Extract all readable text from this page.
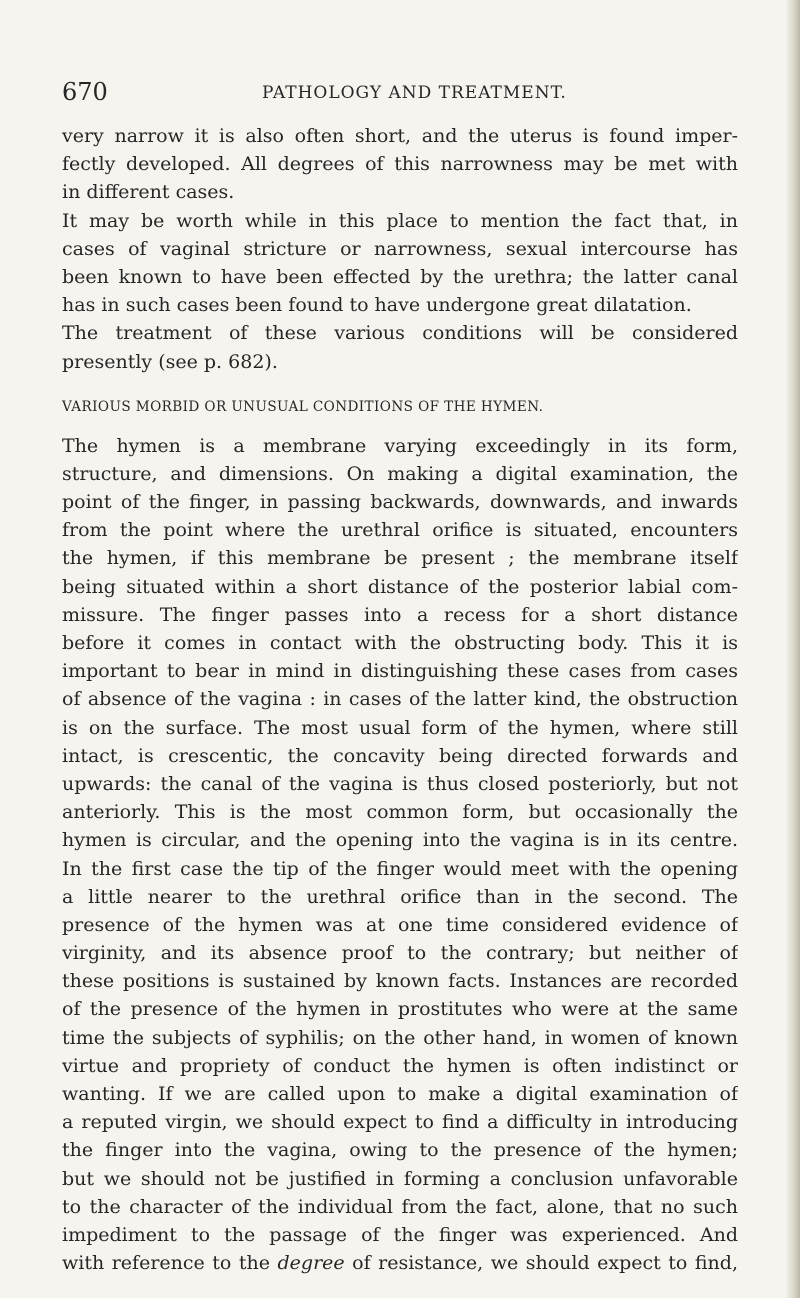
670	PATHOLOGY AND TREATMENT.
very narrow it is also often short, and the uterus is found imper-
fectly developed. All degrees of this narrowness may be met with
in different cases.
It may be worth while in this place to mention the fact that, in
cases of vaginal stricture or narrowness, sexual intercourse has
been known to have been effected by the urethra; the latter canal
has in such cases been found to have undergone great dilatation.
The treatment of these various conditions will be considered
presently (see p. 682).
VARIOUS MORBID OR UNUSUAL CONDITIONS OF THE HYMEN.
The hymen is a membrane varying exceedingly in its form,
structure, and dimensions. On making a digital examination, the
point of the finger, in passing backwards, downwards, and inwards
from the point where the urethral orifice is situated, encounters
the hymen, if this membrane be present ; the membrane itself
being situated within a short distance of the posterior labial com-
missure. The finger passes into a recess for a short distance
before it comes in contact with the obstructing body. This it is
important to bear in mind in distinguishing these cases from cases
of absence of the vagina : in cases of the latter kind, the obstruction
is on the surface. The most usual form of the hymen, where still
intact, is crescentic, the concavity being directed forwards and
upwards: the canal of the vagina is thus closed posteriorly, but not
anteriorly. This is the most common form, but occasionally the
hymen is circular, and the opening into the vagina is in its centre.
In the first case the tip of the finger would meet with the opening
a little nearer to the urethral orifice than in the second. The
presence of the hymen was at one time considered evidence of
virginity, and its absence proof to the contrary; but neither of
these positions is sustained by known facts. Instances are recorded
of the presence of the hymen in prostitutes who were at the same
time the subjects of syphilis; on the other hand, in women of known
virtue and propriety of conduct the hymen is often indistinct or
wanting. If we are called upon to make a digital examination of
a reputed virgin, we should expect to find a difficulty in introducing
the finger into the vagina, owing to the presence of the hymen;
but we should not be justified in forming a conclusion unfavorable
to the character of the individual from the fact, alone, that no such
impediment to the passage of the finger was experienced. And
with reference to the degree of resistance, we should expect to find,
